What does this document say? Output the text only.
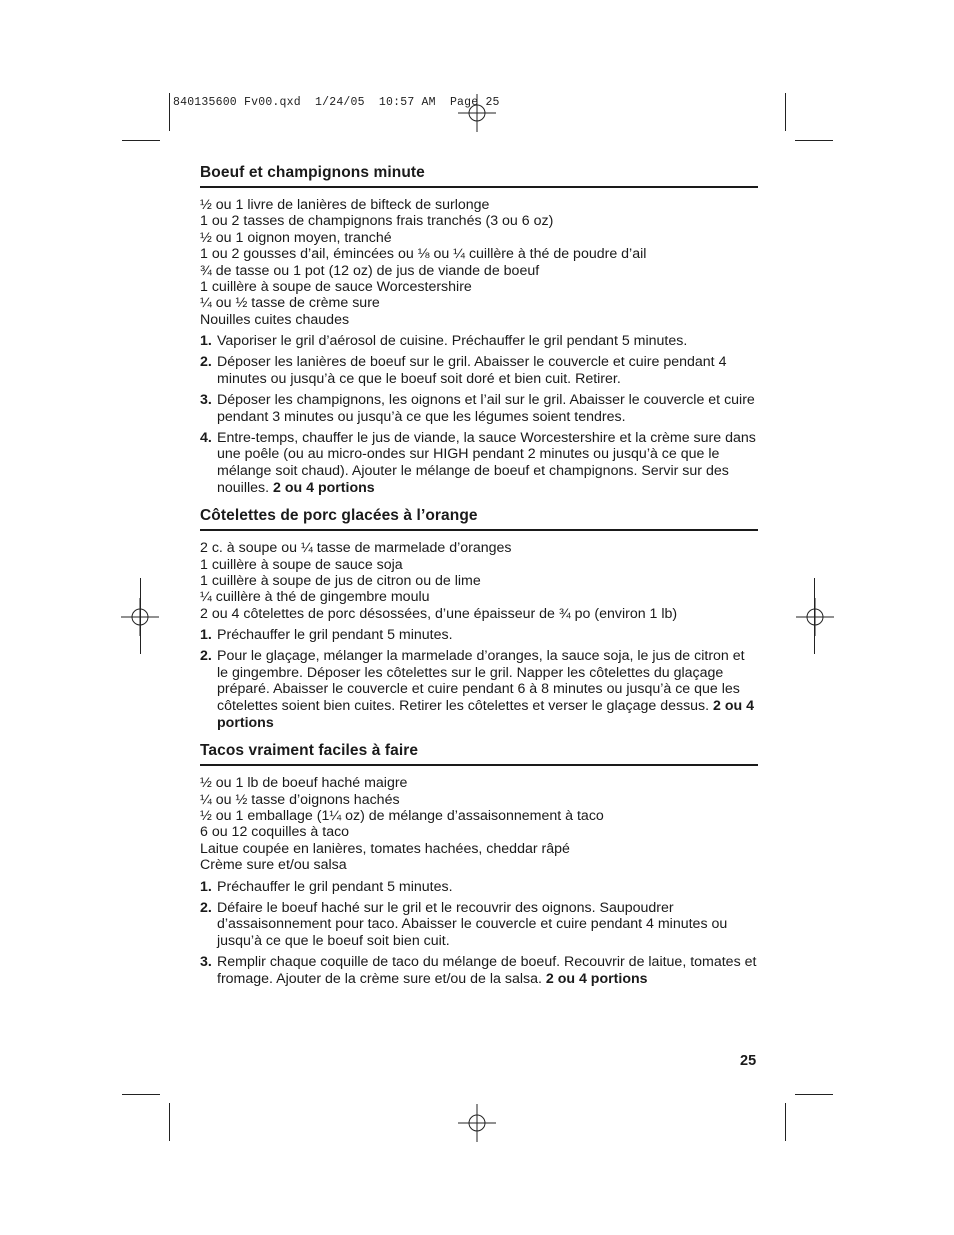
840135600 Fv00.qxd  1/24/05  10:57 AM  Page 25
Boeuf et champignons minute
½ ou 1 livre de lanières de bifteck de surlonge
1 ou 2 tasses de champignons frais tranchés (3 ou 6 oz)
½ ou 1 oignon moyen, tranché
1 ou 2 gousses d’ail, émincées ou ⅛ ou ¼ cuillère à thé de poudre d’ail
¾ de tasse ou 1 pot (12 oz) de jus de viande de boeuf
1 cuillère à soupe de sauce Worcestershire
¼ ou ½ tasse de crème sure
Nouilles cuites chaudes
1. Vaporiser le gril d’aérosol de cuisine. Préchauffer le gril pendant 5 minutes.
2. Déposer les lanières de boeuf sur le gril. Abaisser le couvercle et cuire pendant 4 minutes ou jusqu’à ce que le boeuf soit doré et bien cuit. Retirer.
3. Déposer les champignons, les oignons et l’ail sur le gril. Abaisser le couvercle et cuire pendant 3 minutes ou jusqu’à ce que les légumes soient tendres.
4. Entre-temps, chauffer le jus de viande, la sauce Worcestershire et la crème sure dans une poêle (ou au micro-ondes sur HIGH pendant 2 minutes ou jusqu’à ce que le mélange soit chaud). Ajouter le mélange de boeuf et champignons. Servir sur des nouilles. 2 ou 4 portions
Côtelettes de porc glacées à l’orange
2 c. à soupe ou ¼ tasse de marmelade d’oranges
1 cuillère à soupe de sauce soja
1 cuillère à soupe de jus de citron ou de lime
¼ cuillère à thé de gingembre moulu
2 ou 4 côtelettes de porc désossées, d’une épaisseur de ¾ po (environ 1 lb)
1. Préchauffer le gril pendant 5 minutes.
2. Pour le glaçage, mélanger la marmelade d’oranges, la sauce soja, le jus de citron et le gingembre. Déposer les côtelettes sur le gril. Napper les côtelettes du glaçage préparé. Abaisser le couvercle et cuire pendant 6 à 8 minutes ou jusqu’à ce que les côtelettes soient bien cuites. Retirer les côtelettes et verser le glaçage dessus. 2 ou 4 portions
Tacos vraiment faciles à faire
½ ou 1 lb de boeuf haché maigre
¼ ou ½ tasse d’oignons hachés
½ ou 1 emballage (1¼ oz) de mélange d’assaisonnement à taco
6 ou 12 coquilles à taco
Laitue coupée en lanières, tomates hachées, cheddar râpé
Crème sure et/ou salsa
1. Préchauffer le gril pendant 5 minutes.
2. Défaire le boeuf haché sur le gril et le recouvrir des oignons. Saupoudrer d’assaisonnement pour taco. Abaisser le couvercle et cuire pendant 4 minutes ou jusqu’à ce que le boeuf soit bien cuit.
3. Remplir chaque coquille de taco du mélange de boeuf. Recouvrir de laitue, tomates et fromage. Ajouter de la crème sure et/ou de la salsa. 2 ou 4 portions
25
